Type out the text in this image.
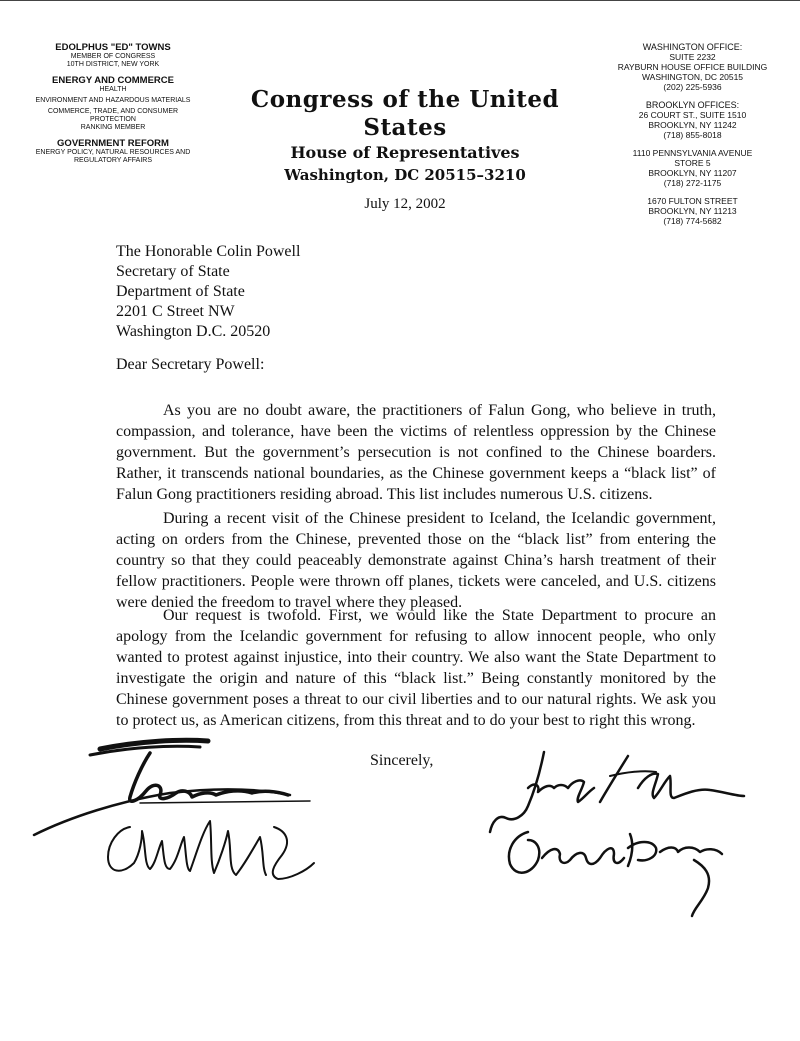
EDOLPHUS "ED" TOWNS
MEMBER OF CONGRESS
10TH DISTRICT, NEW YORK
ENERGY AND COMMERCE
HEALTH
ENVIRONMENT AND HAZARDOUS MATERIALS
COMMERCE, TRADE, AND CONSUMER PROTECTION
RANKING MEMBER
GOVERNMENT REFORM
ENERGY POLICY, NATURAL RESOURCES AND REGULATORY AFFAIRS
WASHINGTON OFFICE:
SUITE 2232
RAYBURN HOUSE OFFICE BUILDING
WASHINGTON, DC 20515
(202) 225-5936
BROOKLYN OFFICES:
26 COURT ST., SUITE 1510
BROOKLYN, NY 11242
(718) 855-8018
1110 PENNSYLVANIA AVENUE
STORE 5
BROOKLYN, NY 11207
(718) 272-1175
1670 FULTON STREET
BROOKLYN, NY 11213
(718) 774-5682
Congress of the United States
House of Representatives
Washington, DC 20515–3210
July 12, 2002
The Honorable Colin Powell
Secretary of State
Department of State
2201 C Street NW
Washington D.C. 20520
Dear Secretary Powell:

As you are no doubt aware, the practitioners of Falun Gong, who believe in truth, compassion, and tolerance, have been the victims of relentless oppression by the Chinese government. But the government’s persecution is not confined to the Chinese boarders. Rather, it transcends national boundaries, as the Chinese government keeps a “black list” of Falun Gong practitioners residing abroad. This list includes numerous U.S. citizens.

During a recent visit of the Chinese president to Iceland, the Icelandic government, acting on orders from the Chinese, prevented those on the “black list” from entering the country so that they could peaceably demonstrate against China’s harsh treatment of their fellow practitioners. People were thrown off planes, tickets were canceled, and U.S. citizens were denied the freedom to travel where they pleased.

Our request is twofold. First, we would like the State Department to procure an apology from the Icelandic government for refusing to allow innocent people, who only wanted to protest against injustice, into their country. We also want the State Department to investigate the origin and nature of this “black list.” Being constantly monitored by the Chinese government poses a threat to our civil liberties and to our natural rights. We ask you to protect us, as American citizens, from this threat and to do your best to right this wrong.

Sincerely,
